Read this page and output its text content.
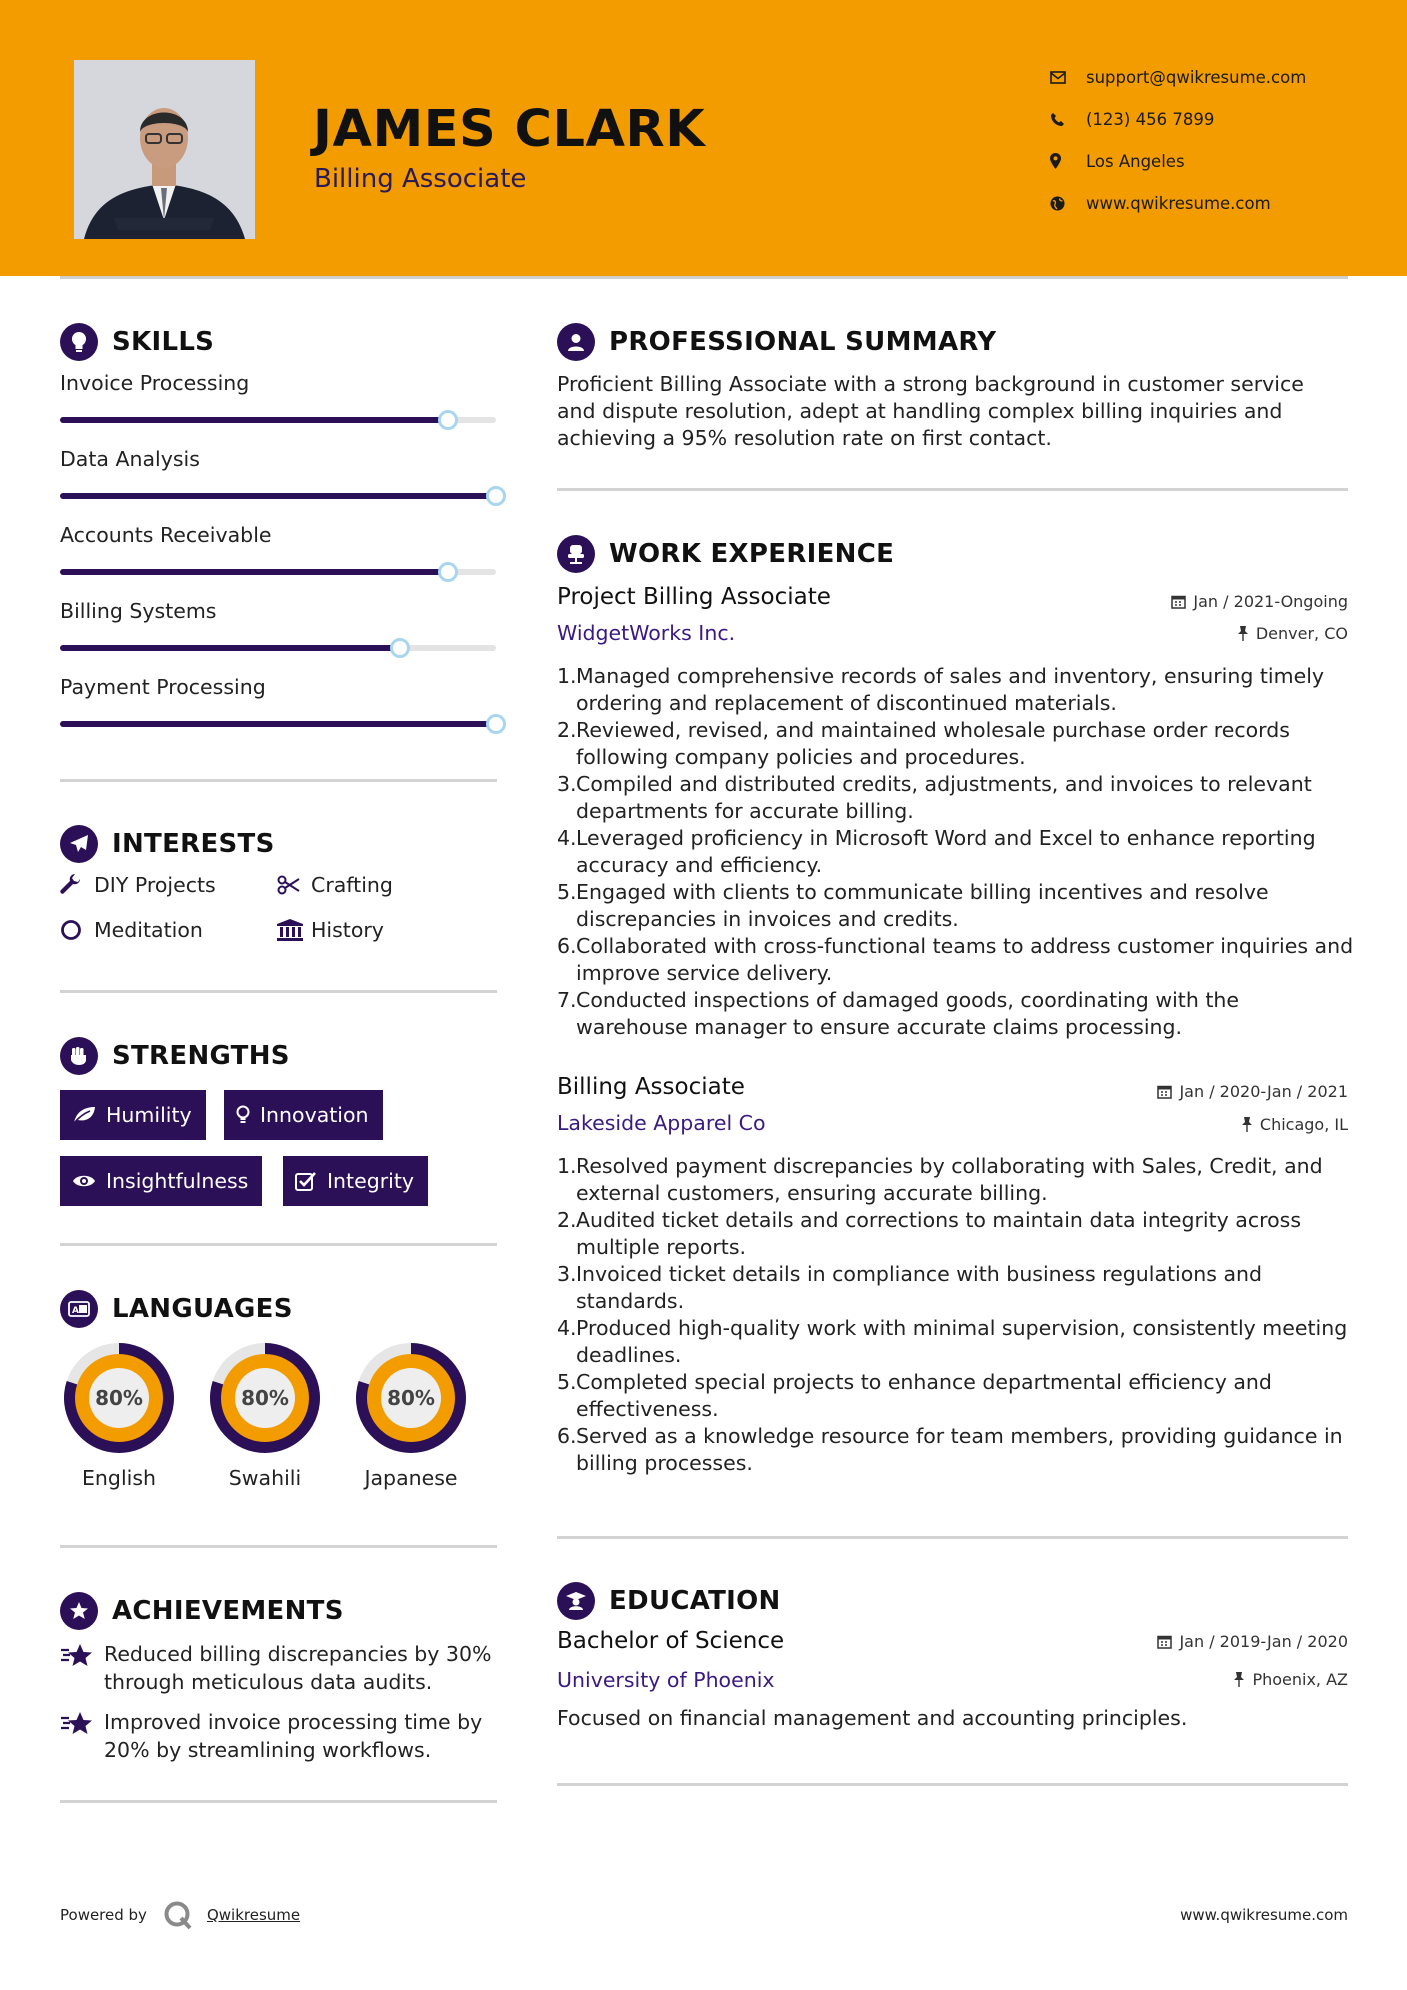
JAMES CLARK
Billing Associate
support@qwikresume.com
(123) 456 7899
Los Angeles
www.qwikresume.com
SKILLS
Invoice Processing
Data Analysis
Accounts Receivable
Billing Systems
Payment Processing
INTERESTS
DIY Projects	Crafting
Meditation	History
STRENGTHS
Humility	Innovation
Insightfulness	Integrity
A LANGUAGES
80%
English
80%
Swahili
80%
Japanese
ACHIEVEMENTS
Reduced billing discrepancies by 30% through meticulous data audits.
Improved invoice processing time by 20% by streamlining workflows.
PROFESSIONAL SUMMARY
Proficient Billing Associate with a strong background in customer service and dispute resolution, adept at handling complex billing inquiries and achieving a 95% resolution rate on first contact.
WORK EXPERIENCE
Project Billing Associate	Jan / 2021-Ongoing
WidgetWorks Inc.	Denver, CO
1. Managed comprehensive records of sales and inventory, ensuring timely ordering and replacement of discontinued materials.
2. Reviewed, revised, and maintained wholesale purchase order records following company policies and procedures.
3. Compiled and distributed credits, adjustments, and invoices to relevant departments for accurate billing.
4. Leveraged proficiency in Microsoft Word and Excel to enhance reporting accuracy and efficiency.
5. Engaged with clients to communicate billing incentives and resolve discrepancies in invoices and credits.
6. Collaborated with cross-functional teams to address customer inquiries and improve service delivery.
7. Conducted inspections of damaged goods, coordinating with the warehouse manager to ensure accurate claims processing.
Billing Associate	Jan / 2020-Jan / 2021
Lakeside Apparel Co	Chicago, IL
1. Resolved payment discrepancies by collaborating with Sales, Credit, and external customers, ensuring accurate billing.
2. Audited ticket details and corrections to maintain data integrity across multiple reports.
3. Invoiced ticket details in compliance with business regulations and standards.
4. Produced high-quality work with minimal supervision, consistently meeting deadlines.
5. Completed special projects to enhance departmental efficiency and effectiveness.
6. Served as a knowledge resource for team members, providing guidance in billing processes.
EDUCATION
Bachelor of Science	Jan / 2019-Jan / 2020
University of Phoenix	Phoenix, AZ
Focused on financial management and accounting principles.
Powered by	Qwikresume	www.qwikresume.com
